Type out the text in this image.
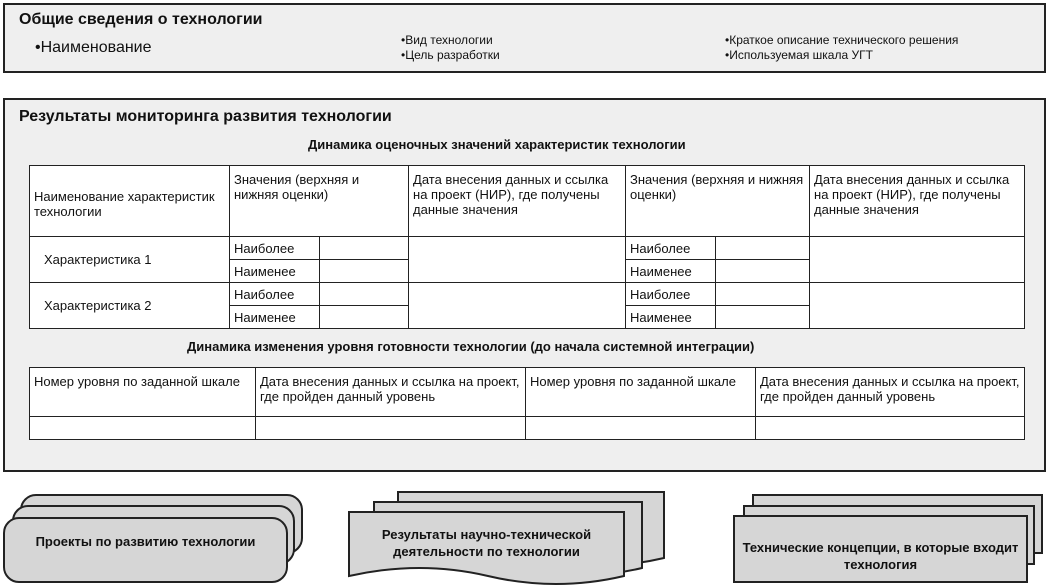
Общие сведения о технологии
•Наименование	•Вид технологии
•Цель разработки
•Краткое описание технического решения
•Используемая шкала УГТ
Результаты мониторинга развития технологии
Динамика оценочных значений характеристик технологии
Наименование характеристик технологии	Значения (верхняя и нижняя оценки)		Дата внесения данных и ссылка на проект (НИР), где получены данные значения	Значения (верхняя и нижняя оценки)		Дата внесения данных и ссылка на проект (НИР), где получены данные значения
Характеристика 1	Наиболее			Наиболее		
	Наименее			Наименее		
Характеристика 2	Наиболее			Наиболее		
	Наименее			Наименее		
Динамика изменения уровня готовности технологии (до начала системной интеграции)
Номер уровня по заданной шкале	Дата внесения данных и ссылка на проект, где пройден данный уровень	Номер уровня по заданной шкале	Дата внесения данных и ссылка на проект, где пройден данный уровень

Проекты по развитию технологии	Результаты научно-технической деятельности по технологии	Технические концепции, в которые входит технология
